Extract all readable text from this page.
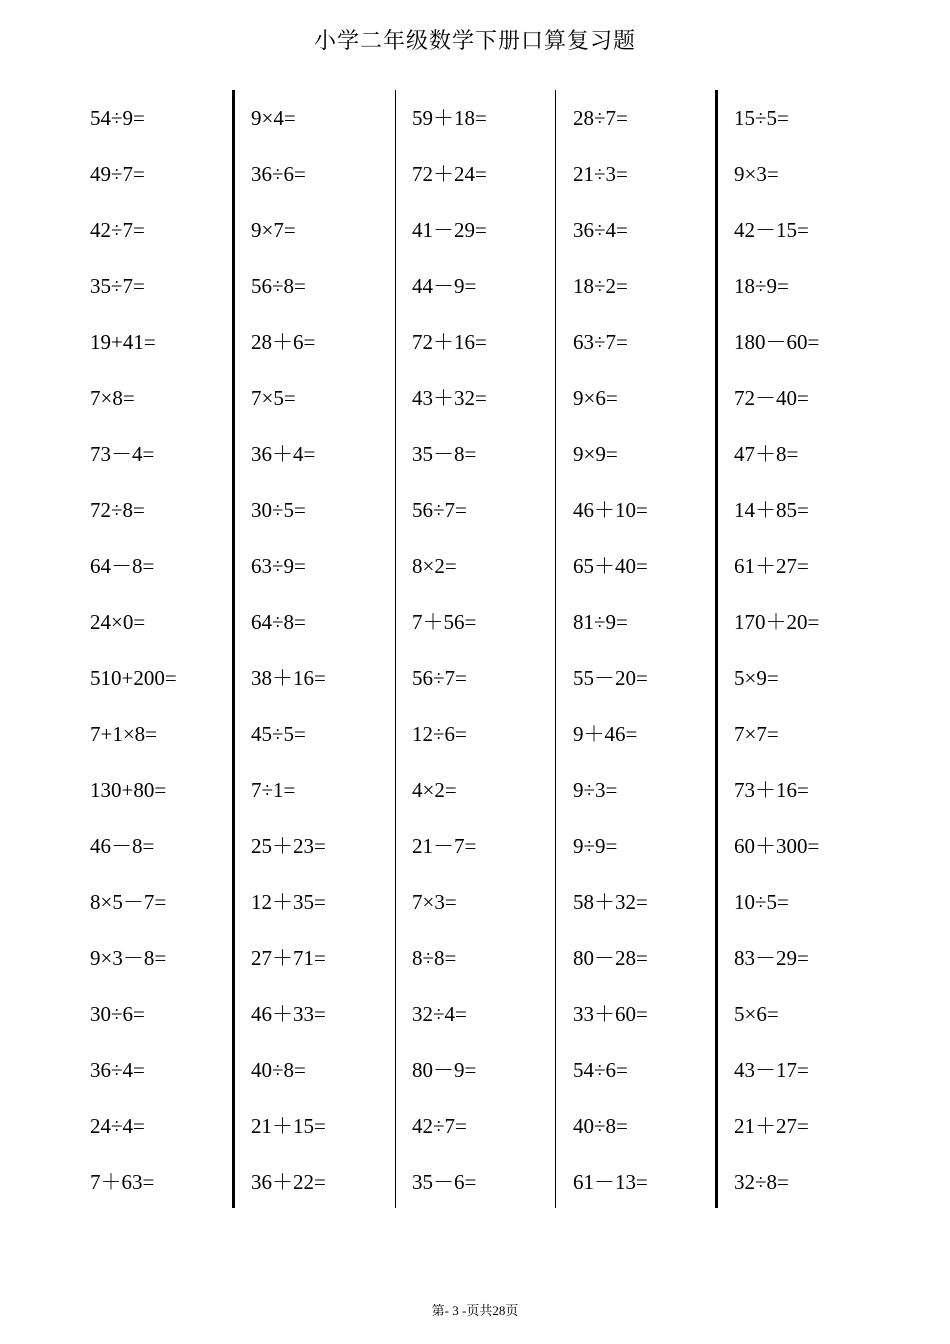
小学二年级数学下册口算复习题
54÷9=
49÷7=
42÷7=
35÷7=
19+41=
7×8=
73－4=
72÷8=
64－8=
24×0=
510+200=
7+1×8=
130+80=
46－8=
8×5－7=
9×3－8=
30÷6=
36÷4=
24÷4=
7＋63=
9×4=
36÷6=
9×7=
56÷8=
28＋6=
7×5=
36＋4=
30÷5=
63÷9=
64÷8=
38＋16=
45÷5=
7÷1=
25＋23=
12＋35=
27＋71=
46＋33=
40÷8=
21＋15=
36＋22=
59＋18=
72＋24=
41－29=
44－9=
72＋16=
43＋32=
35－8=
56÷7=
8×2=
7＋56=
56÷7=
12÷6=
4×2=
21－7=
7×3=
8÷8=
32÷4=
80－9=
42÷7=
35－6=
28÷7=
21÷3=
36÷4=
18÷2=
63÷7=
9×6=
9×9=
46＋10=
65＋40=
81÷9=
55－20=
9＋46=
9÷3=
9÷9=
58＋32=
80－28=
33＋60=
54÷6=
40÷8=
61－13=
15÷5=
9×3=
42－15=
18÷9=
180－60=
72－40=
47＋8=
14＋85=
61＋27=
170＋20=
5×9=
7×7=
73＋16=
60＋300=
10÷5=
83－29=
5×6=
43－17=
21＋27=
32÷8=
第- 3 -页共28页
